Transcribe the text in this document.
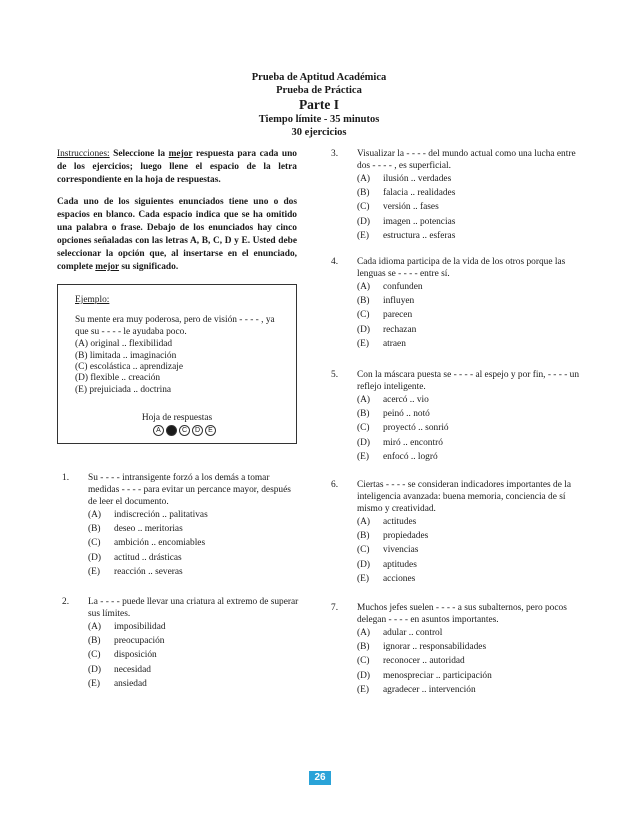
Prueba de Aptitud Académica
Prueba de Práctica
Parte I
Tiempo límite - 35 minutos
30 ejercicios

Instrucciones: Seleccione la mejor respuesta para cada uno de los ejercicios; luego llene el espacio de la letra correspondiente en la hoja de respuestas.

Cada uno de los siguientes enunciados tiene uno o dos espacios en blanco. Cada espacio indica que se ha omitido una palabra o frase. Debajo de los enunciados hay cinco opciones señaladas con las letras A, B, C, D y E. Usted debe seleccionar la opción que, al insertarse en el enunciado, complete mejor su significado.

Ejemplo:
Su mente era muy poderosa, pero de visión - - - - , ya que su - - - - le ayudaba poco.
(A) original .. flexibilidad
(B) limitada .. imaginación
(C) escolástica .. aprendizaje
(D) flexible .. creación
(E) prejuiciada .. doctrina
Hoja de respuestas
A	C	D	E
1.	Su - - - - intransigente forzó a los demás a tomar medidas - - - - para evitar un percance mayor, después de leer el documento.
(A) indiscreción .. palitativas
(B) deseo .. meritorias
(C) ambición .. encomiables
(D) actitud .. drásticas
(E) reacción .. severas
2.	La - - - - puede llevar una criatura al extremo de superar sus límites.
(A) imposibilidad
(B) preocupación
(C) disposición
(D) necesidad
(E) ansiedad
3.	Visualizar la - - - - del mundo actual como una lucha entre dos - - - - , es superficial.
(A) ilusión .. verdades
(B) falacia .. realidades
(C) versión .. fases
(D) imagen .. potencias
(E) estructura .. esferas
4.	Cada idioma participa de la vida de los otros porque las lenguas se - - - - entre sí.
(A) confunden
(B) influyen
(C) parecen
(D) rechazan
(E) atraen
5.	Con la máscara puesta se - - - - al espejo y por fin, - - - - un reflejo inteligente.
(A) acercó .. vio
(B) peinó .. notó
(C) proyectó .. sonrió
(D) miró .. encontró
(E) enfocó .. logró
6.	Ciertas - - - - se consideran indicadores importantes de la inteligencia avanzada: buena memoria, conciencia de sí mismo y creatividad.
(A) actitudes
(B) propiedades
(C) vivencias
(D) aptitudes
(E) acciones
7.	Muchos jefes suelen - - - - a sus subalternos, pero pocos delegan - - - - en asuntos importantes.
(A) adular .. control
(B) ignorar .. responsabilidades
(C) reconocer .. autoridad
(D) menospreciar .. participación
(E) agradecer .. intervención
26
